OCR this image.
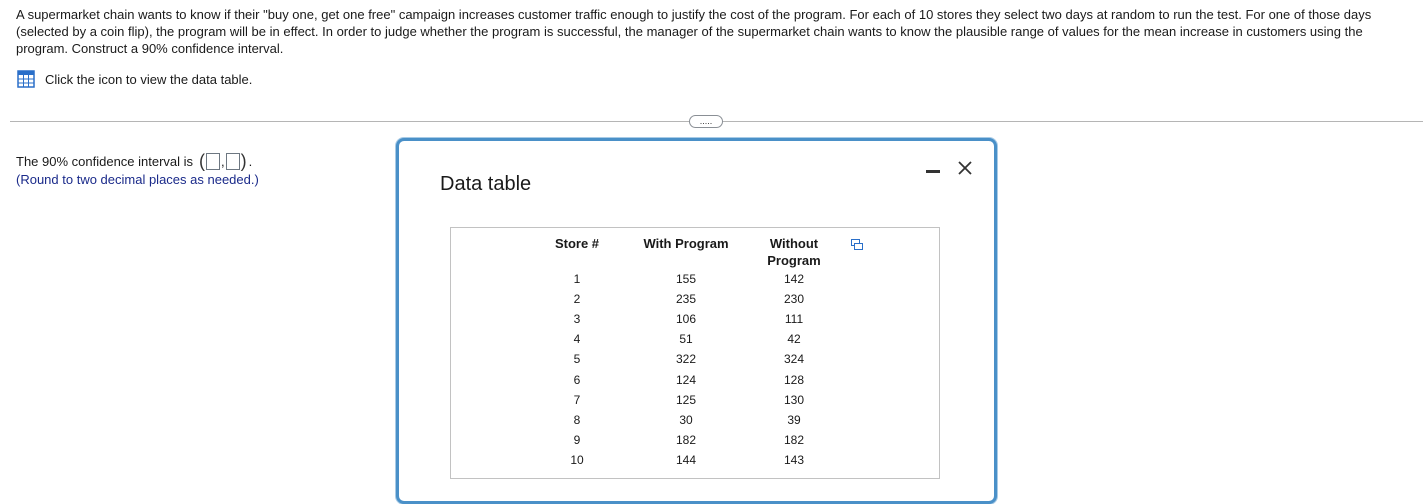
A supermarket chain wants to know if their "buy one, get one free" campaign increases customer traffic enough to justify the cost of the program. For each of 10 stores they select two days at random to run the test. For one of those days (selected by a coin flip), the program will be in effect. In order to judge whether the program is successful, the manager of the supermarket chain wants to know the plausible range of values for the mean increase in customers using the program. Construct a 90% confidence interval.
Click the icon to view the data table.
.....
The 90% confidence interval is ( , ) .
(Round to two decimal places as needed.)	Data table
Store #	With Program	Without
Program
1	155	142
2	235	230
3	106	111
4	51	42
5	322	324
6	124	128
7	125	130
8	30	39
9	182	182
10	144	143
